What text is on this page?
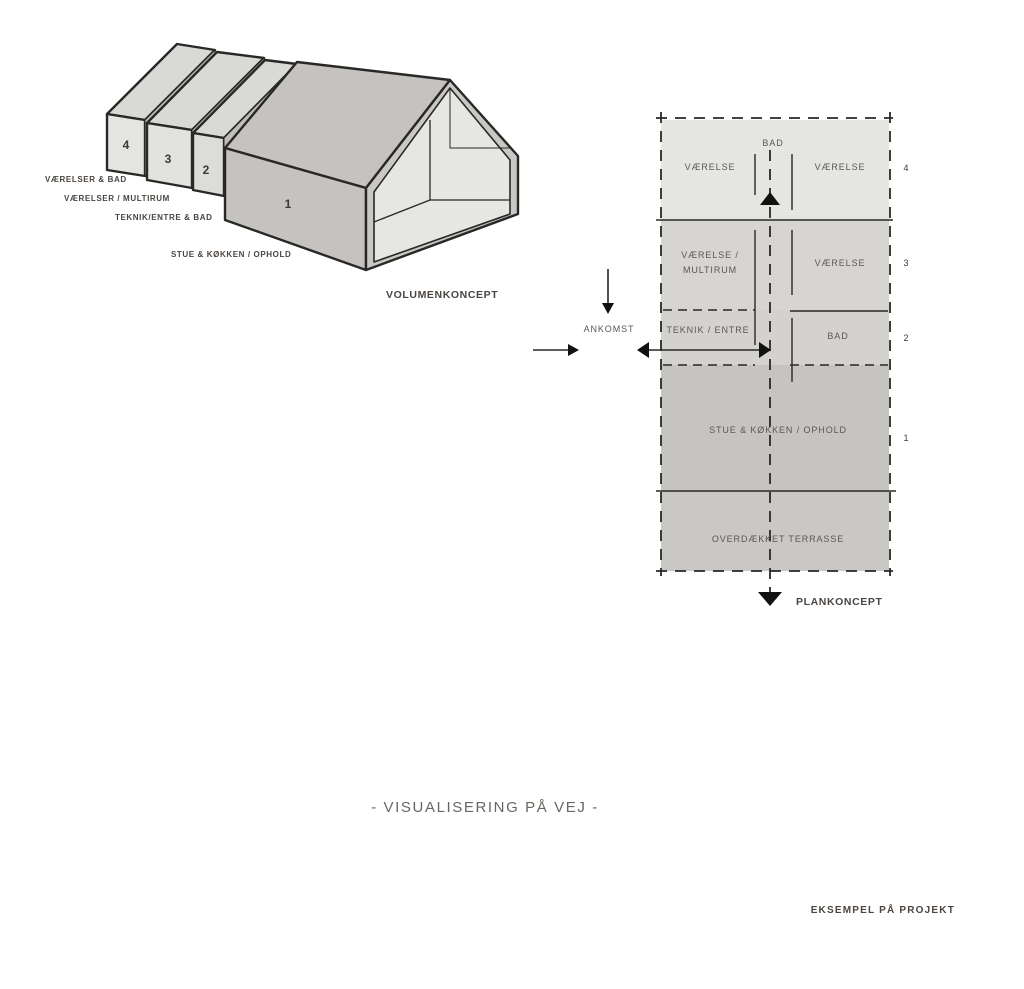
4
3
2
1
VÆRELSER & BAD
VÆRELSER / MULTIRUM
TEKNIK/ENTRE & BAD
STUE & KØKKEN / OPHOLD
VOLUMENKONCEPT
BAD
VÆRELSE	VÆRELSE
VÆRELSE /
MULTIRUM
VÆRELSE
TEKNIK / ENTRE
BAD
STUE & KØKKEN / OPHOLD
OVERDÆKKET TERRASSE
ANKOMST
4
3
2
1
PLANKONCEPT
- VISUALISERING PÅ VEJ -
EKSEMPEL PÅ PROJEKT
